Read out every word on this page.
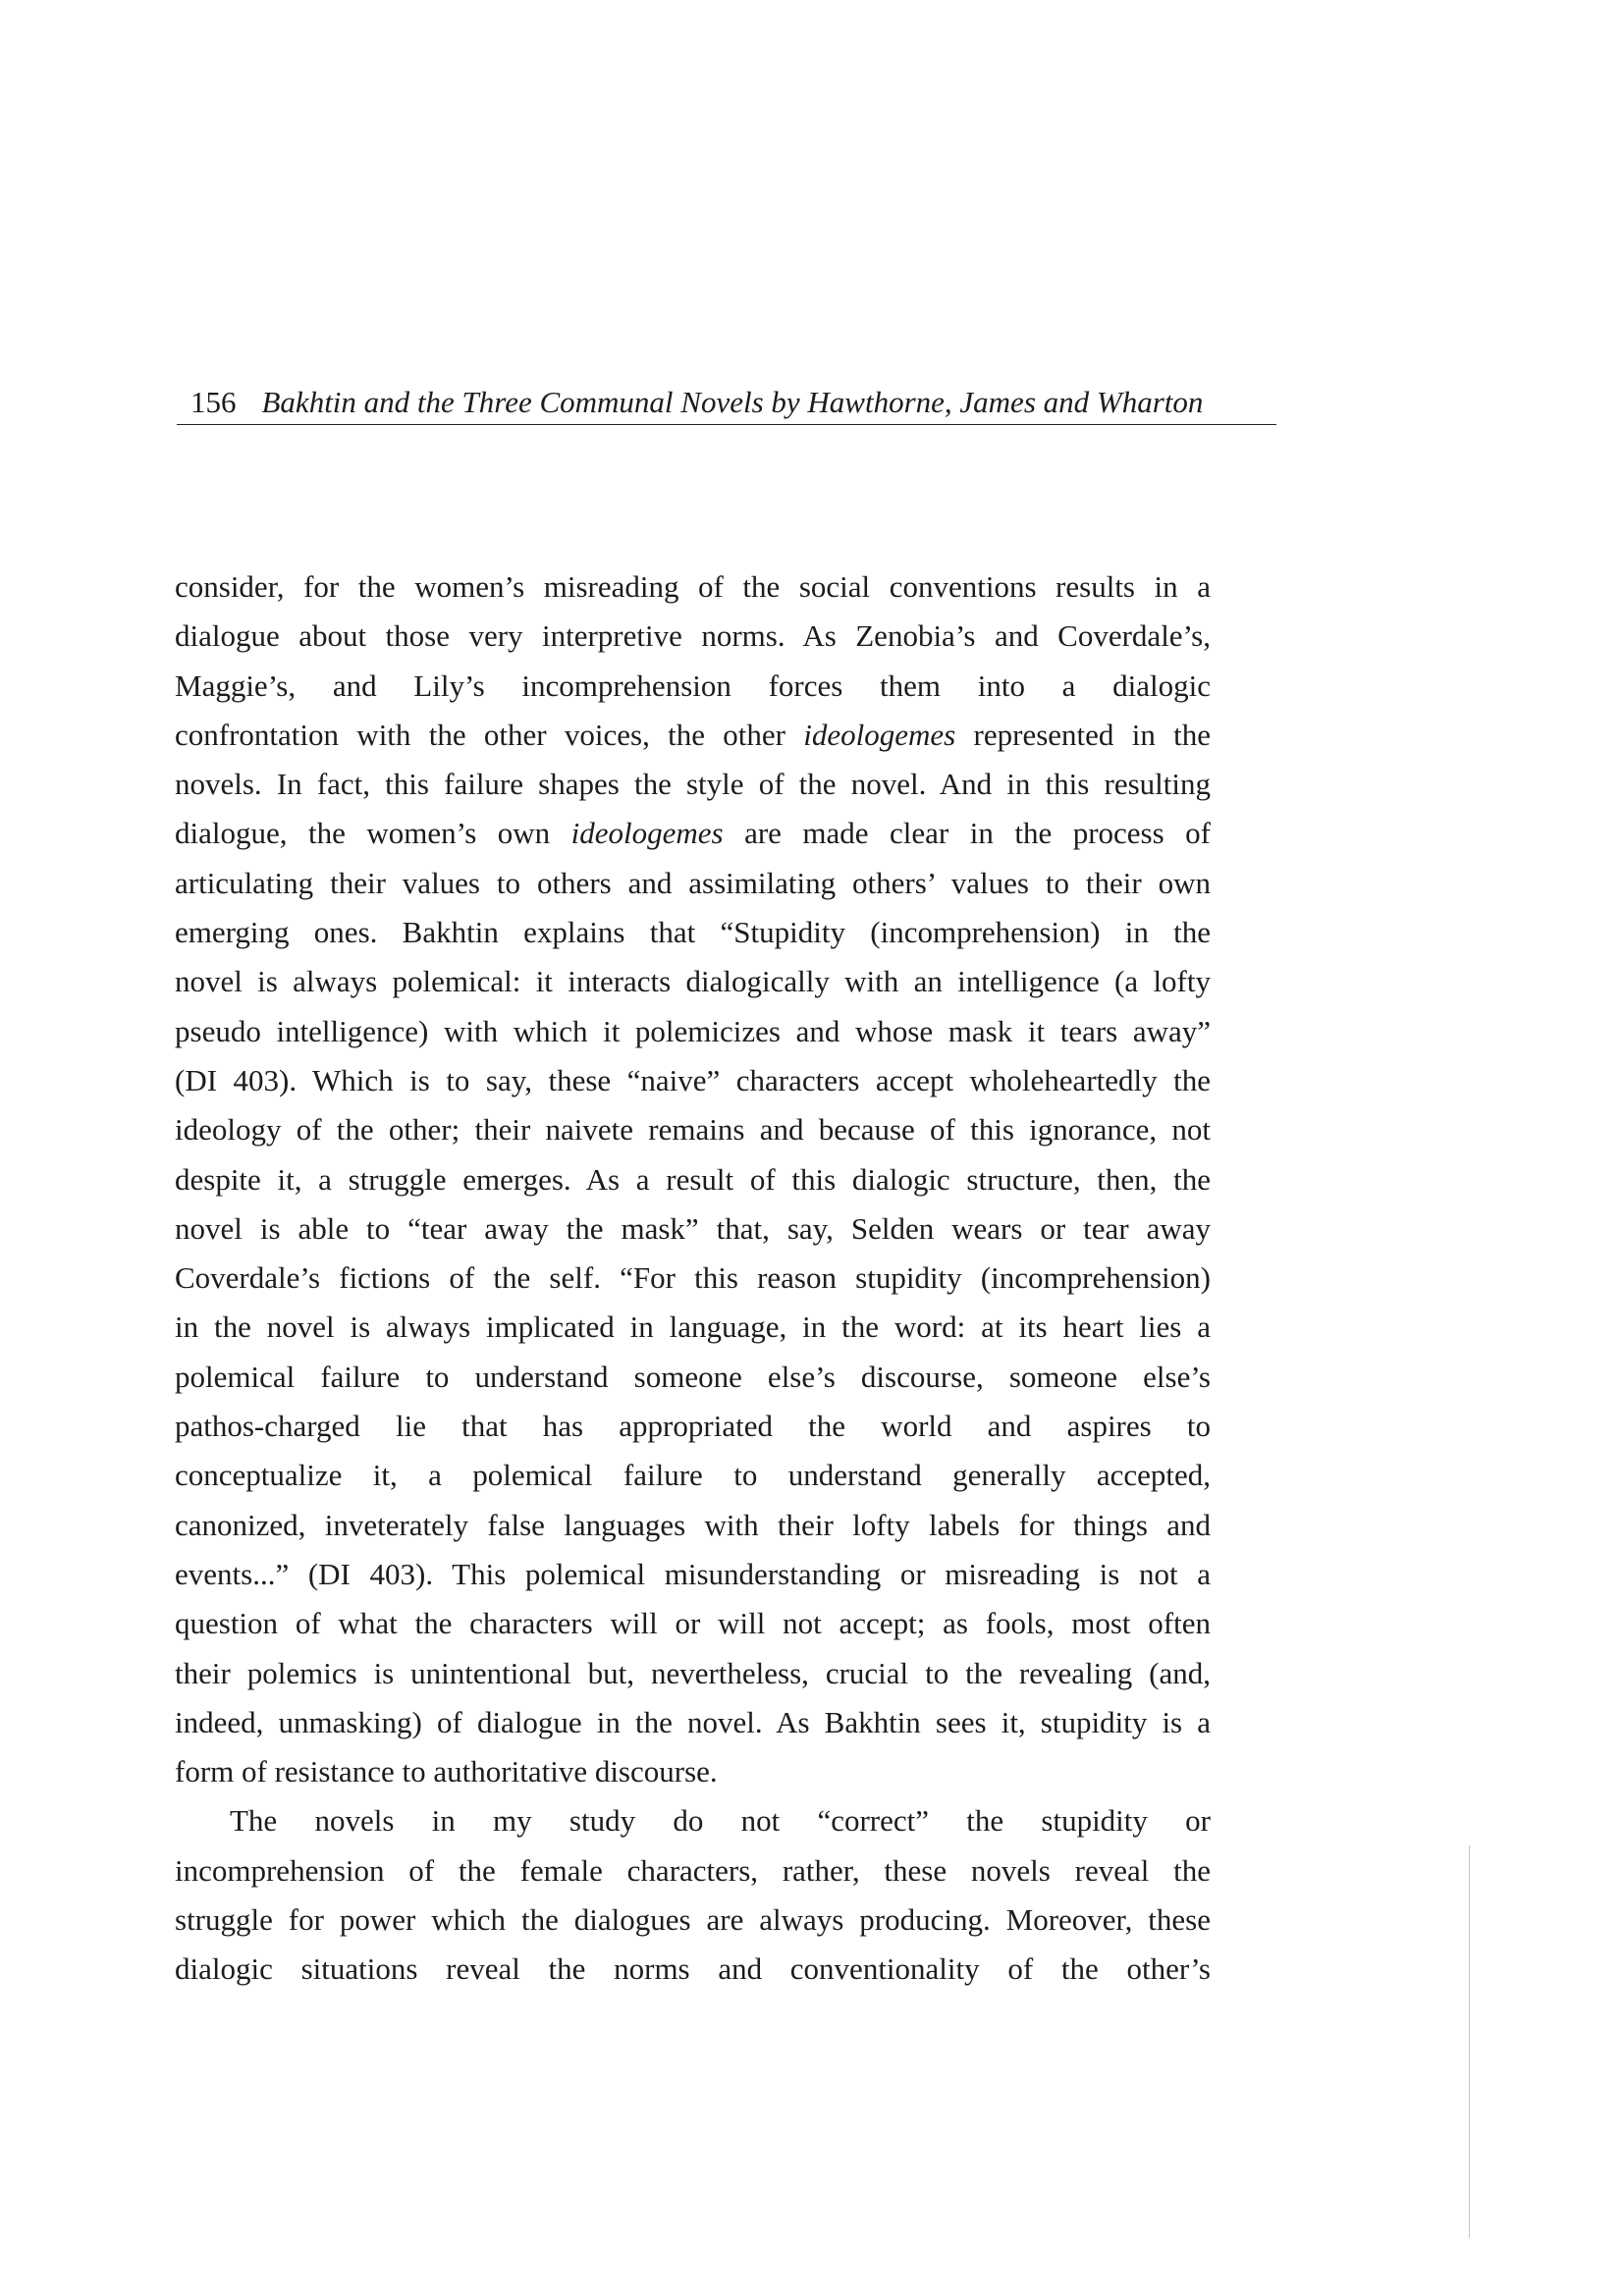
156 Bakhtin and the Three Communal Novels by Hawthorne, James and Wharton
consider, for the women’s misreading of the social conventions results in a
dialogue about those very interpretive norms. As Zenobia’s and Coverdale’s,
Maggie’s, and Lily’s incomprehension forces them into a dialogic
confrontation with the other voices, the other ideologemes represented in the
novels. In fact, this failure shapes the style of the novel. And in this resulting
dialogue, the women’s own ideologemes are made clear in the process of
articulating their values to others and assimilating others’ values to their own
emerging ones. Bakhtin explains that “Stupidity (incomprehension) in the
novel is always polemical: it interacts dialogically with an intelligence (a lofty
pseudo intelligence) with which it polemicizes and whose mask it tears away”
(DI 403). Which is to say, these “naive” characters accept wholeheartedly the
ideology of the other; their naivete remains and because of this ignorance, not
despite it, a struggle emerges. As a result of this dialogic structure, then, the
novel is able to “tear away the mask” that, say, Selden wears or tear away
Coverdale’s fictions of the self. “For this reason stupidity (incomprehension)
in the novel is always implicated in language, in the word: at its heart lies a
polemical failure to understand someone else’s discourse, someone else’s
pathos-charged lie that has appropriated the world and aspires to
conceptualize it, a polemical failure to understand generally accepted,
canonized, inveterately false languages with their lofty labels for things and
events...” (DI 403). This polemical misunderstanding or misreading is not a
question of what the characters will or will not accept; as fools, most often
their polemics is unintentional but, nevertheless, crucial to the revealing (and,
indeed, unmasking) of dialogue in the novel. As Bakhtin sees it, stupidity is a
form of resistance to authoritative discourse.
The novels in my study do not “correct” the stupidity or
incomprehension of the female characters, rather, these novels reveal the
struggle for power which the dialogues are always producing. Moreover, these
dialogic situations reveal the norms and conventionality of the other’s
